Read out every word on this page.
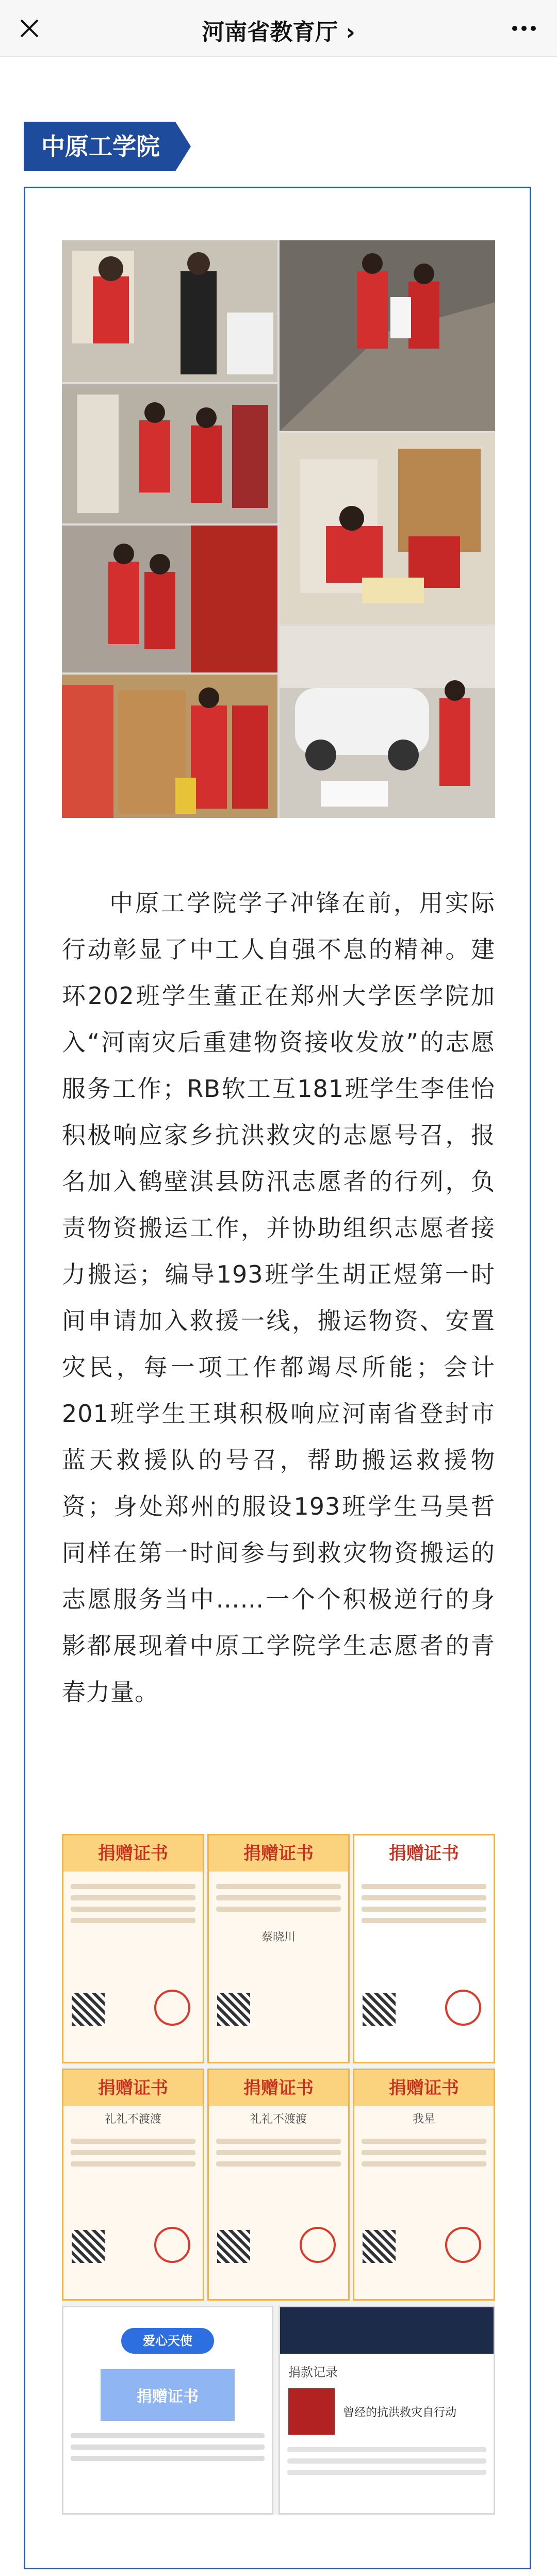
河南省教育厅 ›
中原工学院

中原工学院学子冲锋在前，用实际行动彰显了中工人自强不息的精神。建环202班学生董正在郑州大学医学院加入“河南灾后重建物资接收发放”的志愿服务工作；RB软工互181班学生李佳怡积极响应家乡抗洪救灾的志愿号召，报名加入鹤壁淇县防汛志愿者的行列，负责物资搬运工作，并协助组织志愿者接力搬运；编导193班学生胡正煜第一时间申请加入救援一线，搬运物资、安置灾民，每一项工作都竭尽所能；会计201班学生王琪积极响应河南省登封市蓝天救援队的号召，帮助搬运救援物资；身处郑州的服设193班学生马昊哲同样在第一时间参与到救灾物资搬运的志愿服务当中……一个个积极逆行的身影都展现着中原工学院学生志愿者的青春力量。

捐赠证书	捐赠证书
蔡晓川
捐赠证书
捐赠证书
礼礼不渡渡
捐赠证书
礼礼不渡渡
捐赠证书
我星
爱心天使
捐赠证书
捐款记录
曾经的抗洪救灾自行动
